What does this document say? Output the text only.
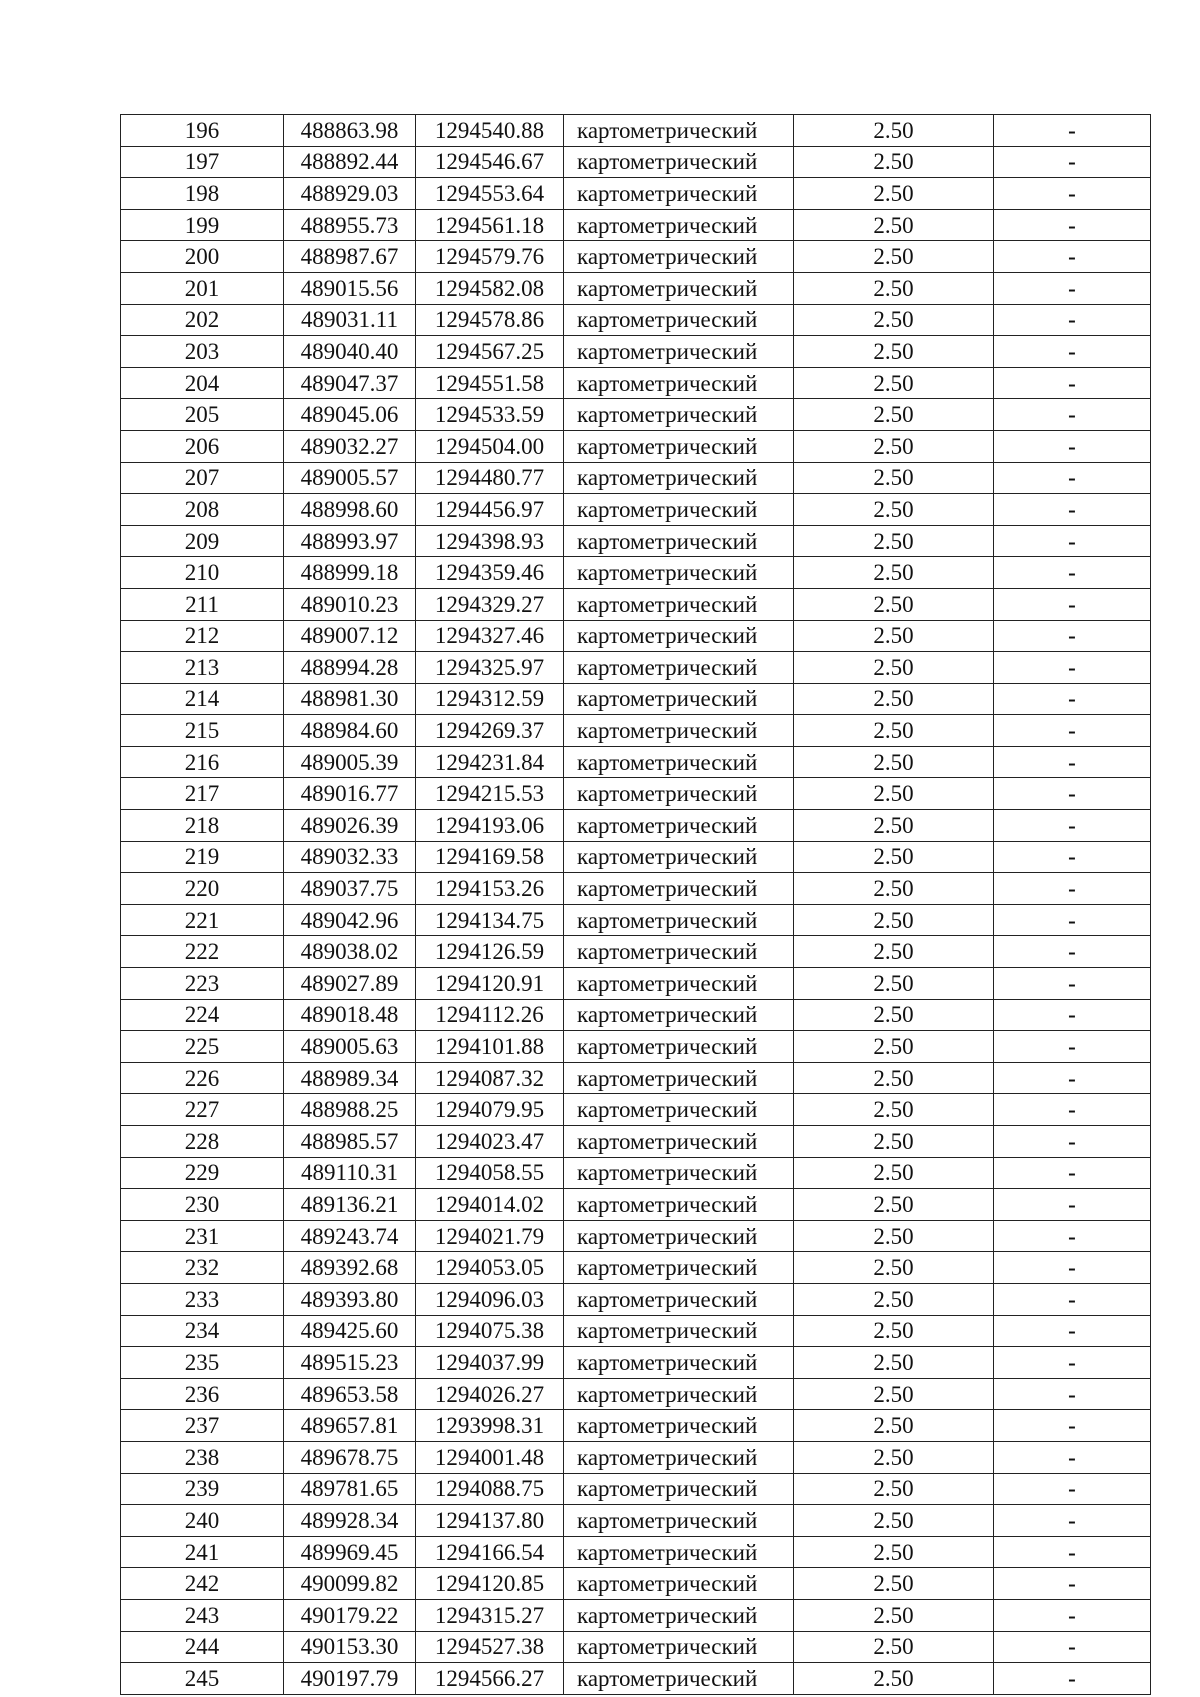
196	488863.98	1294540.88	картометрический	2.50	-
197	488892.44	1294546.67	картометрический	2.50	-
198	488929.03	1294553.64	картометрический	2.50	-
199	488955.73	1294561.18	картометрический	2.50	-
200	488987.67	1294579.76	картометрический	2.50	-
201	489015.56	1294582.08	картометрический	2.50	-
202	489031.11	1294578.86	картометрический	2.50	-
203	489040.40	1294567.25	картометрический	2.50	-
204	489047.37	1294551.58	картометрический	2.50	-
205	489045.06	1294533.59	картометрический	2.50	-
206	489032.27	1294504.00	картометрический	2.50	-
207	489005.57	1294480.77	картометрический	2.50	-
208	488998.60	1294456.97	картометрический	2.50	-
209	488993.97	1294398.93	картометрический	2.50	-
210	488999.18	1294359.46	картометрический	2.50	-
211	489010.23	1294329.27	картометрический	2.50	-
212	489007.12	1294327.46	картометрический	2.50	-
213	488994.28	1294325.97	картометрический	2.50	-
214	488981.30	1294312.59	картометрический	2.50	-
215	488984.60	1294269.37	картометрический	2.50	-
216	489005.39	1294231.84	картометрический	2.50	-
217	489016.77	1294215.53	картометрический	2.50	-
218	489026.39	1294193.06	картометрический	2.50	-
219	489032.33	1294169.58	картометрический	2.50	-
220	489037.75	1294153.26	картометрический	2.50	-
221	489042.96	1294134.75	картометрический	2.50	-
222	489038.02	1294126.59	картометрический	2.50	-
223	489027.89	1294120.91	картометрический	2.50	-
224	489018.48	1294112.26	картометрический	2.50	-
225	489005.63	1294101.88	картометрический	2.50	-
226	488989.34	1294087.32	картометрический	2.50	-
227	488988.25	1294079.95	картометрический	2.50	-
228	488985.57	1294023.47	картометрический	2.50	-
229	489110.31	1294058.55	картометрический	2.50	-
230	489136.21	1294014.02	картометрический	2.50	-
231	489243.74	1294021.79	картометрический	2.50	-
232	489392.68	1294053.05	картометрический	2.50	-
233	489393.80	1294096.03	картометрический	2.50	-
234	489425.60	1294075.38	картометрический	2.50	-
235	489515.23	1294037.99	картометрический	2.50	-
236	489653.58	1294026.27	картометрический	2.50	-
237	489657.81	1293998.31	картометрический	2.50	-
238	489678.75	1294001.48	картометрический	2.50	-
239	489781.65	1294088.75	картометрический	2.50	-
240	489928.34	1294137.80	картометрический	2.50	-
241	489969.45	1294166.54	картометрический	2.50	-
242	490099.82	1294120.85	картометрический	2.50	-
243	490179.22	1294315.27	картометрический	2.50	-
244	490153.30	1294527.38	картометрический	2.50	-
245	490197.79	1294566.27	картометрический	2.50	-
